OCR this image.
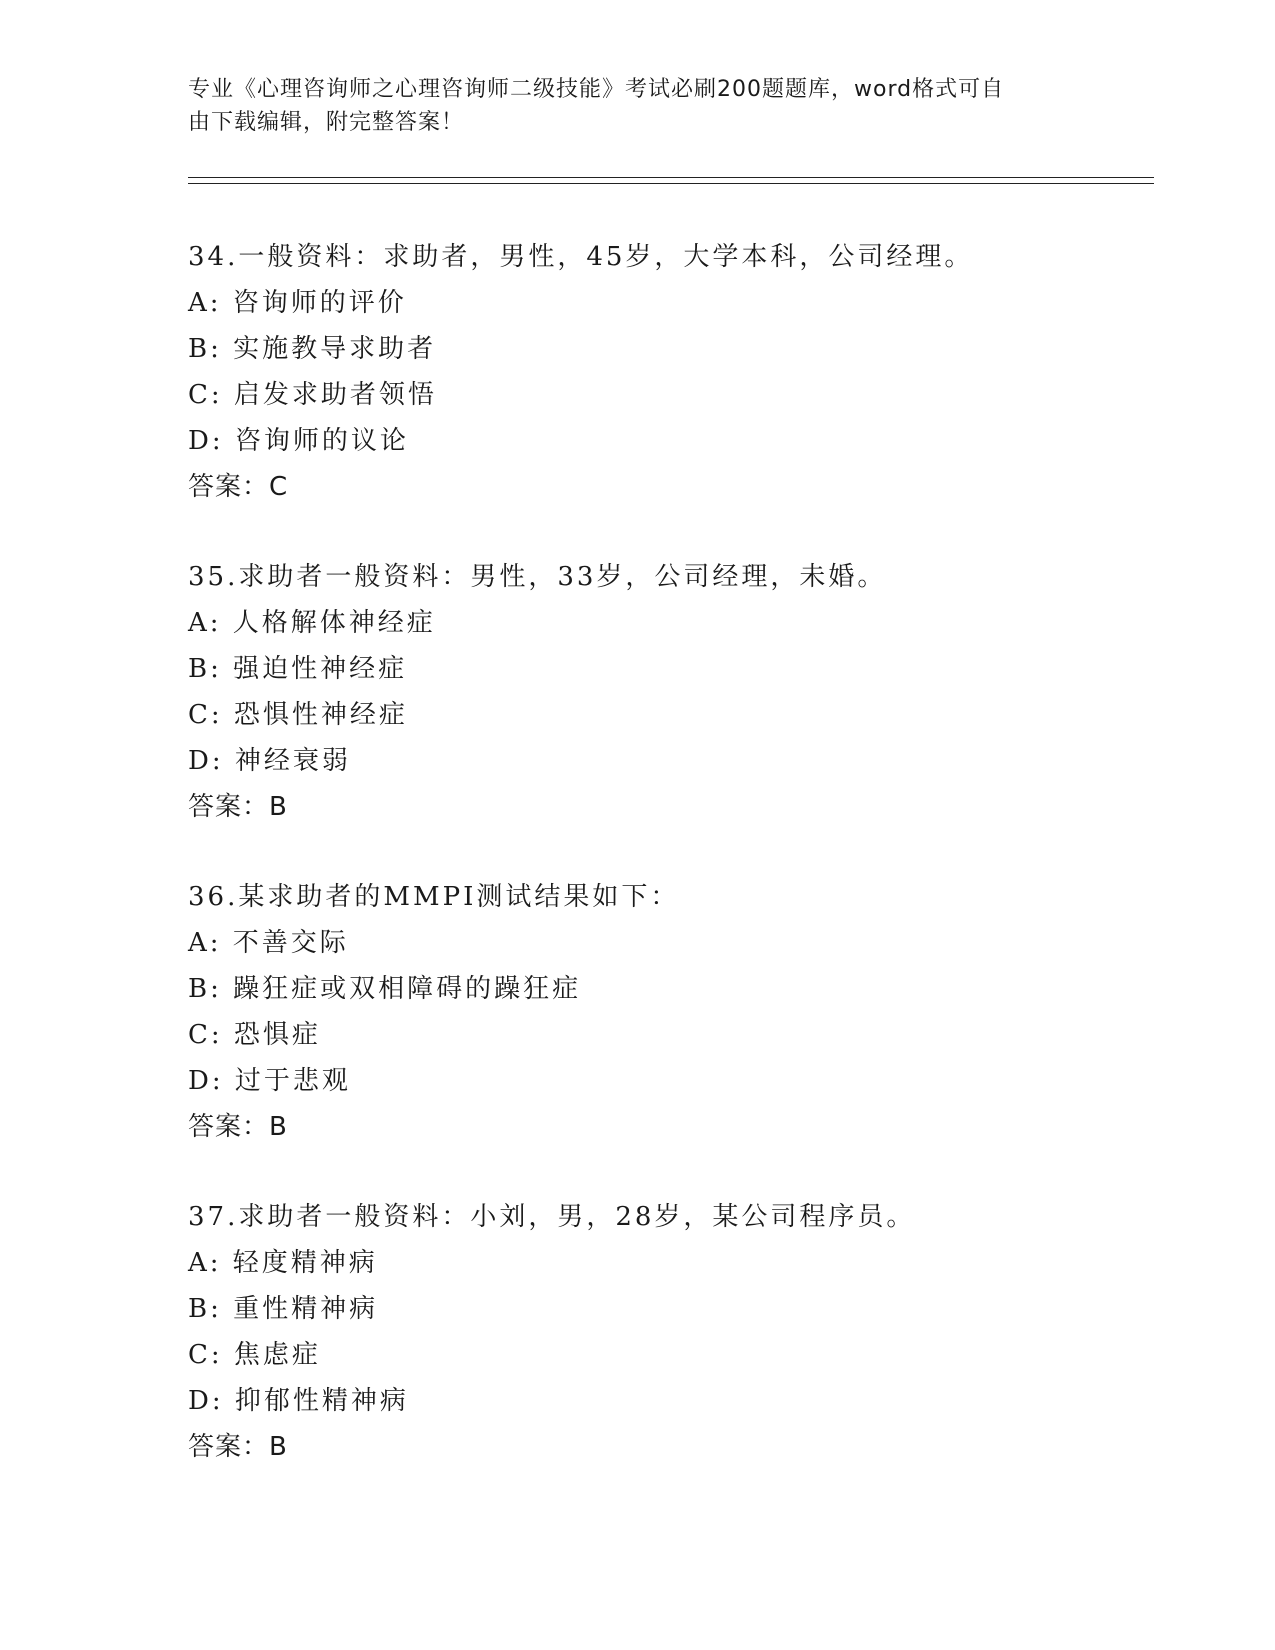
专业《心理咨询师之心理咨询师二级技能》考试必刷200题题库，word格式可自
由下载编辑，附完整答案！
34.一般资料：求助者，男性，45岁，大学本科，公司经理。
A: 咨询师的评价
B: 实施教导求助者
C: 启发求助者领悟
D: 咨询师的议论
答案：C
35.求助者一般资料：男性，33岁，公司经理，未婚。
A: 人格解体神经症
B: 强迫性神经症
C: 恐惧性神经症
D: 神经衰弱
答案：B
36.某求助者的MMPI测试结果如下：
A: 不善交际
B: 躁狂症或双相障碍的躁狂症
C: 恐惧症
D: 过于悲观
答案：B
37.求助者一般资料：小刘，男，28岁，某公司程序员。
A: 轻度精神病
B: 重性精神病
C: 焦虑症
D: 抑郁性精神病
答案：B
